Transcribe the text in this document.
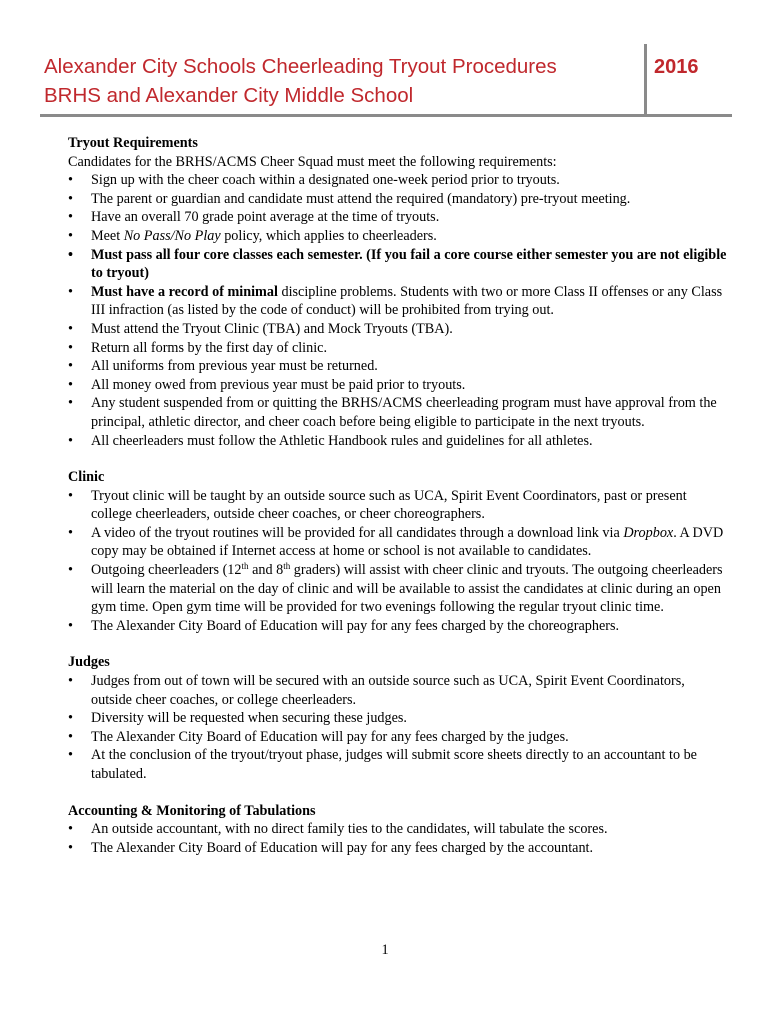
Alexander City Schools Cheerleading Tryout Procedures
BRHS and Alexander City Middle School
2016
Tryout Requirements
Candidates for the BRHS/ACMS Cheer Squad must meet the following requirements:
• Sign up with the cheer coach within a designated one-week period prior to tryouts.
• The parent or guardian and candidate must attend the required (mandatory) pre-tryout meeting.
• Have an overall 70 grade point average at the time of tryouts.
• Meet No Pass/No Play policy, which applies to cheerleaders.
• Must pass all four core classes each semester. (If you fail a core course either semester you are not eligible to tryout)
• Must have a record of minimal discipline problems. Students with two or more Class II offenses or any Class III infraction (as listed by the code of conduct) will be prohibited from trying out.
• Must attend the Tryout Clinic (TBA) and Mock Tryouts (TBA).
• Return all forms by the first day of clinic.
• All uniforms from previous year must be returned.
• All money owed from previous year must be paid prior to tryouts.
• Any student suspended from or quitting the BRHS/ACMS cheerleading program must have approval from the principal, athletic director, and cheer coach before being eligible to participate in the next tryouts.
• All cheerleaders must follow the Athletic Handbook rules and guidelines for all athletes.
Clinic
• Tryout clinic will be taught by an outside source such as UCA, Spirit Event Coordinators, past or present college cheerleaders, outside cheer coaches, or cheer choreographers.
• A video of the tryout routines will be provided for all candidates through a download link via Dropbox. A DVD copy may be obtained if Internet access at home or school is not available to candidates.
• Outgoing cheerleaders (12th and 8th graders) will assist with cheer clinic and tryouts. The outgoing cheerleaders will learn the material on the day of clinic and will be available to assist the candidates at clinic during an open gym time. Open gym time will be provided for two evenings following the regular tryout clinic time.
• The Alexander City Board of Education will pay for any fees charged by the choreographers.
Judges
• Judges from out of town will be secured with an outside source such as UCA, Spirit Event Coordinators, outside cheer coaches, or college cheerleaders.
• Diversity will be requested when securing these judges.
• The Alexander City Board of Education will pay for any fees charged by the judges.
• At the conclusion of the tryout/tryout phase, judges will submit score sheets directly to an accountant to be tabulated.
Accounting & Monitoring of Tabulations
• An outside accountant, with no direct family ties to the candidates, will tabulate the scores.
• The Alexander City Board of Education will pay for any fees charged by the accountant.
1
